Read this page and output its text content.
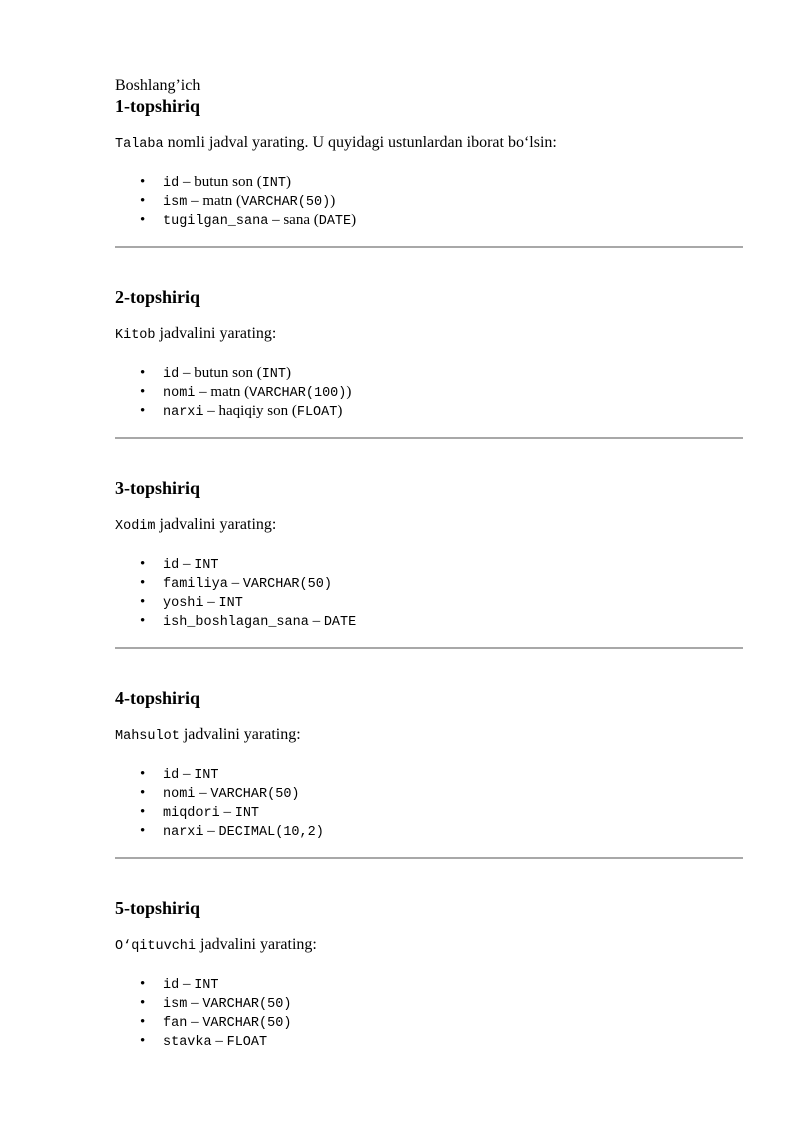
Boshlang’ich

1-topshiriq

Talaba nomli jadval yarating. U quyidagi ustunlardan iborat bo‘lsin:

• id – butun son (INT)
• ism – matn (VARCHAR(50))
• tugilgan_sana – sana (DATE)
2-topshiriq

Kitob jadvalini yarating:

• id – butun son (INT)
• nomi – matn (VARCHAR(100))
• narxi – haqiqiy son (FLOAT)
3-topshiriq

Xodim jadvalini yarating:

• id – INT
• familiya – VARCHAR(50)
• yoshi – INT
• ish_boshlagan_sana – DATE
4-topshiriq

Mahsulot jadvalini yarating:

• id – INT
• nomi – VARCHAR(50)
• miqdori – INT
• narxi – DECIMAL(10,2)
5-topshiriq

O‘qituvchi jadvalini yarating:

• id – INT
• ism – VARCHAR(50)
• fan – VARCHAR(50)
• stavka – FLOAT
